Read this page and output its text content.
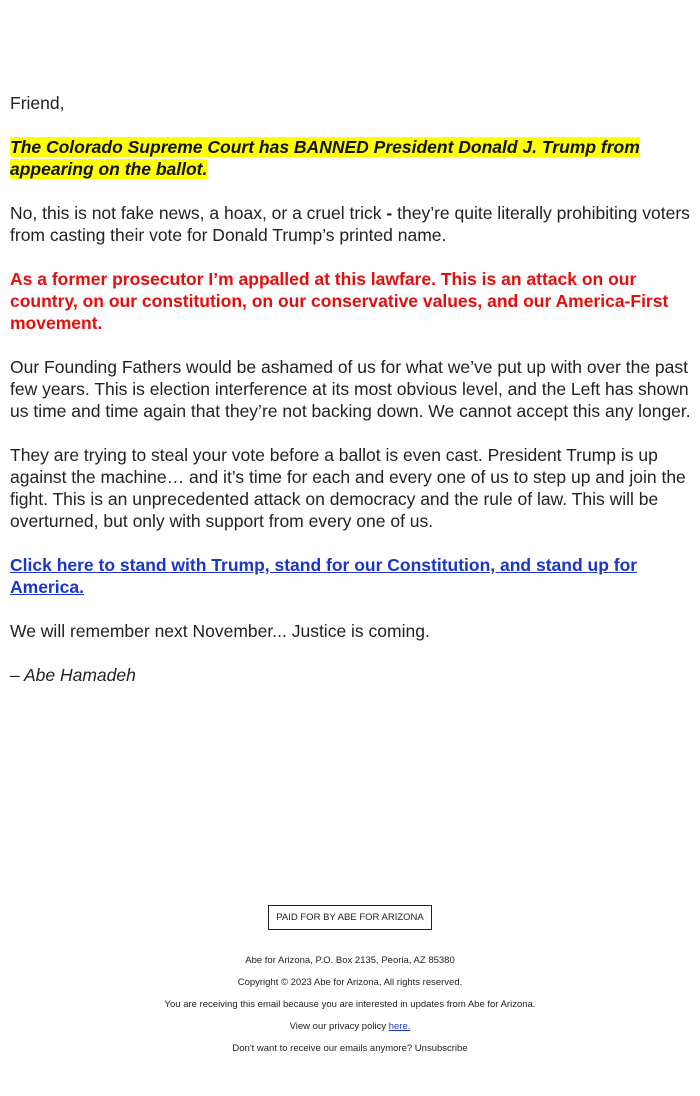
Friend,

The Colorado Supreme Court has BANNED President Donald J. Trump from appearing on the ballot.

No, this is not fake news, a hoax, or a cruel trick - they’re quite literally prohibiting voters from casting their vote for Donald Trump’s printed name.

As a former prosecutor I’m appalled at this lawfare. This is an attack on our country, on our constitution, on our conservative values, and our America-First movement.

Our Founding Fathers would be ashamed of us for what we’ve put up with over the past few years. This is election interference at its most obvious level, and the Left has shown us time and time again that they’re not backing down. We cannot accept this any longer.

They are trying to steal your vote before a ballot is even cast. President Trump is up against the machine… and it’s time for each and every one of us to step up and join the fight. This is an unprecedented attack on democracy and the rule of law. This will be overturned, but only with support from every one of us.

Click here to stand with Trump, stand for our Constitution, and stand up for America.

We will remember next November... Justice is coming.

– Abe Hamadeh

PAID FOR BY ABE FOR ARIZONA
Abe for Arizona, P.O. Box 2135, Peoria, AZ 85380
Copyright © 2023 Abe for Arizona, All rights reserved.
You are receiving this email because you are interested in updates from Abe for Arizona.
View our privacy policy here.
Don't want to receive our emails anymore? Unsubscribe
